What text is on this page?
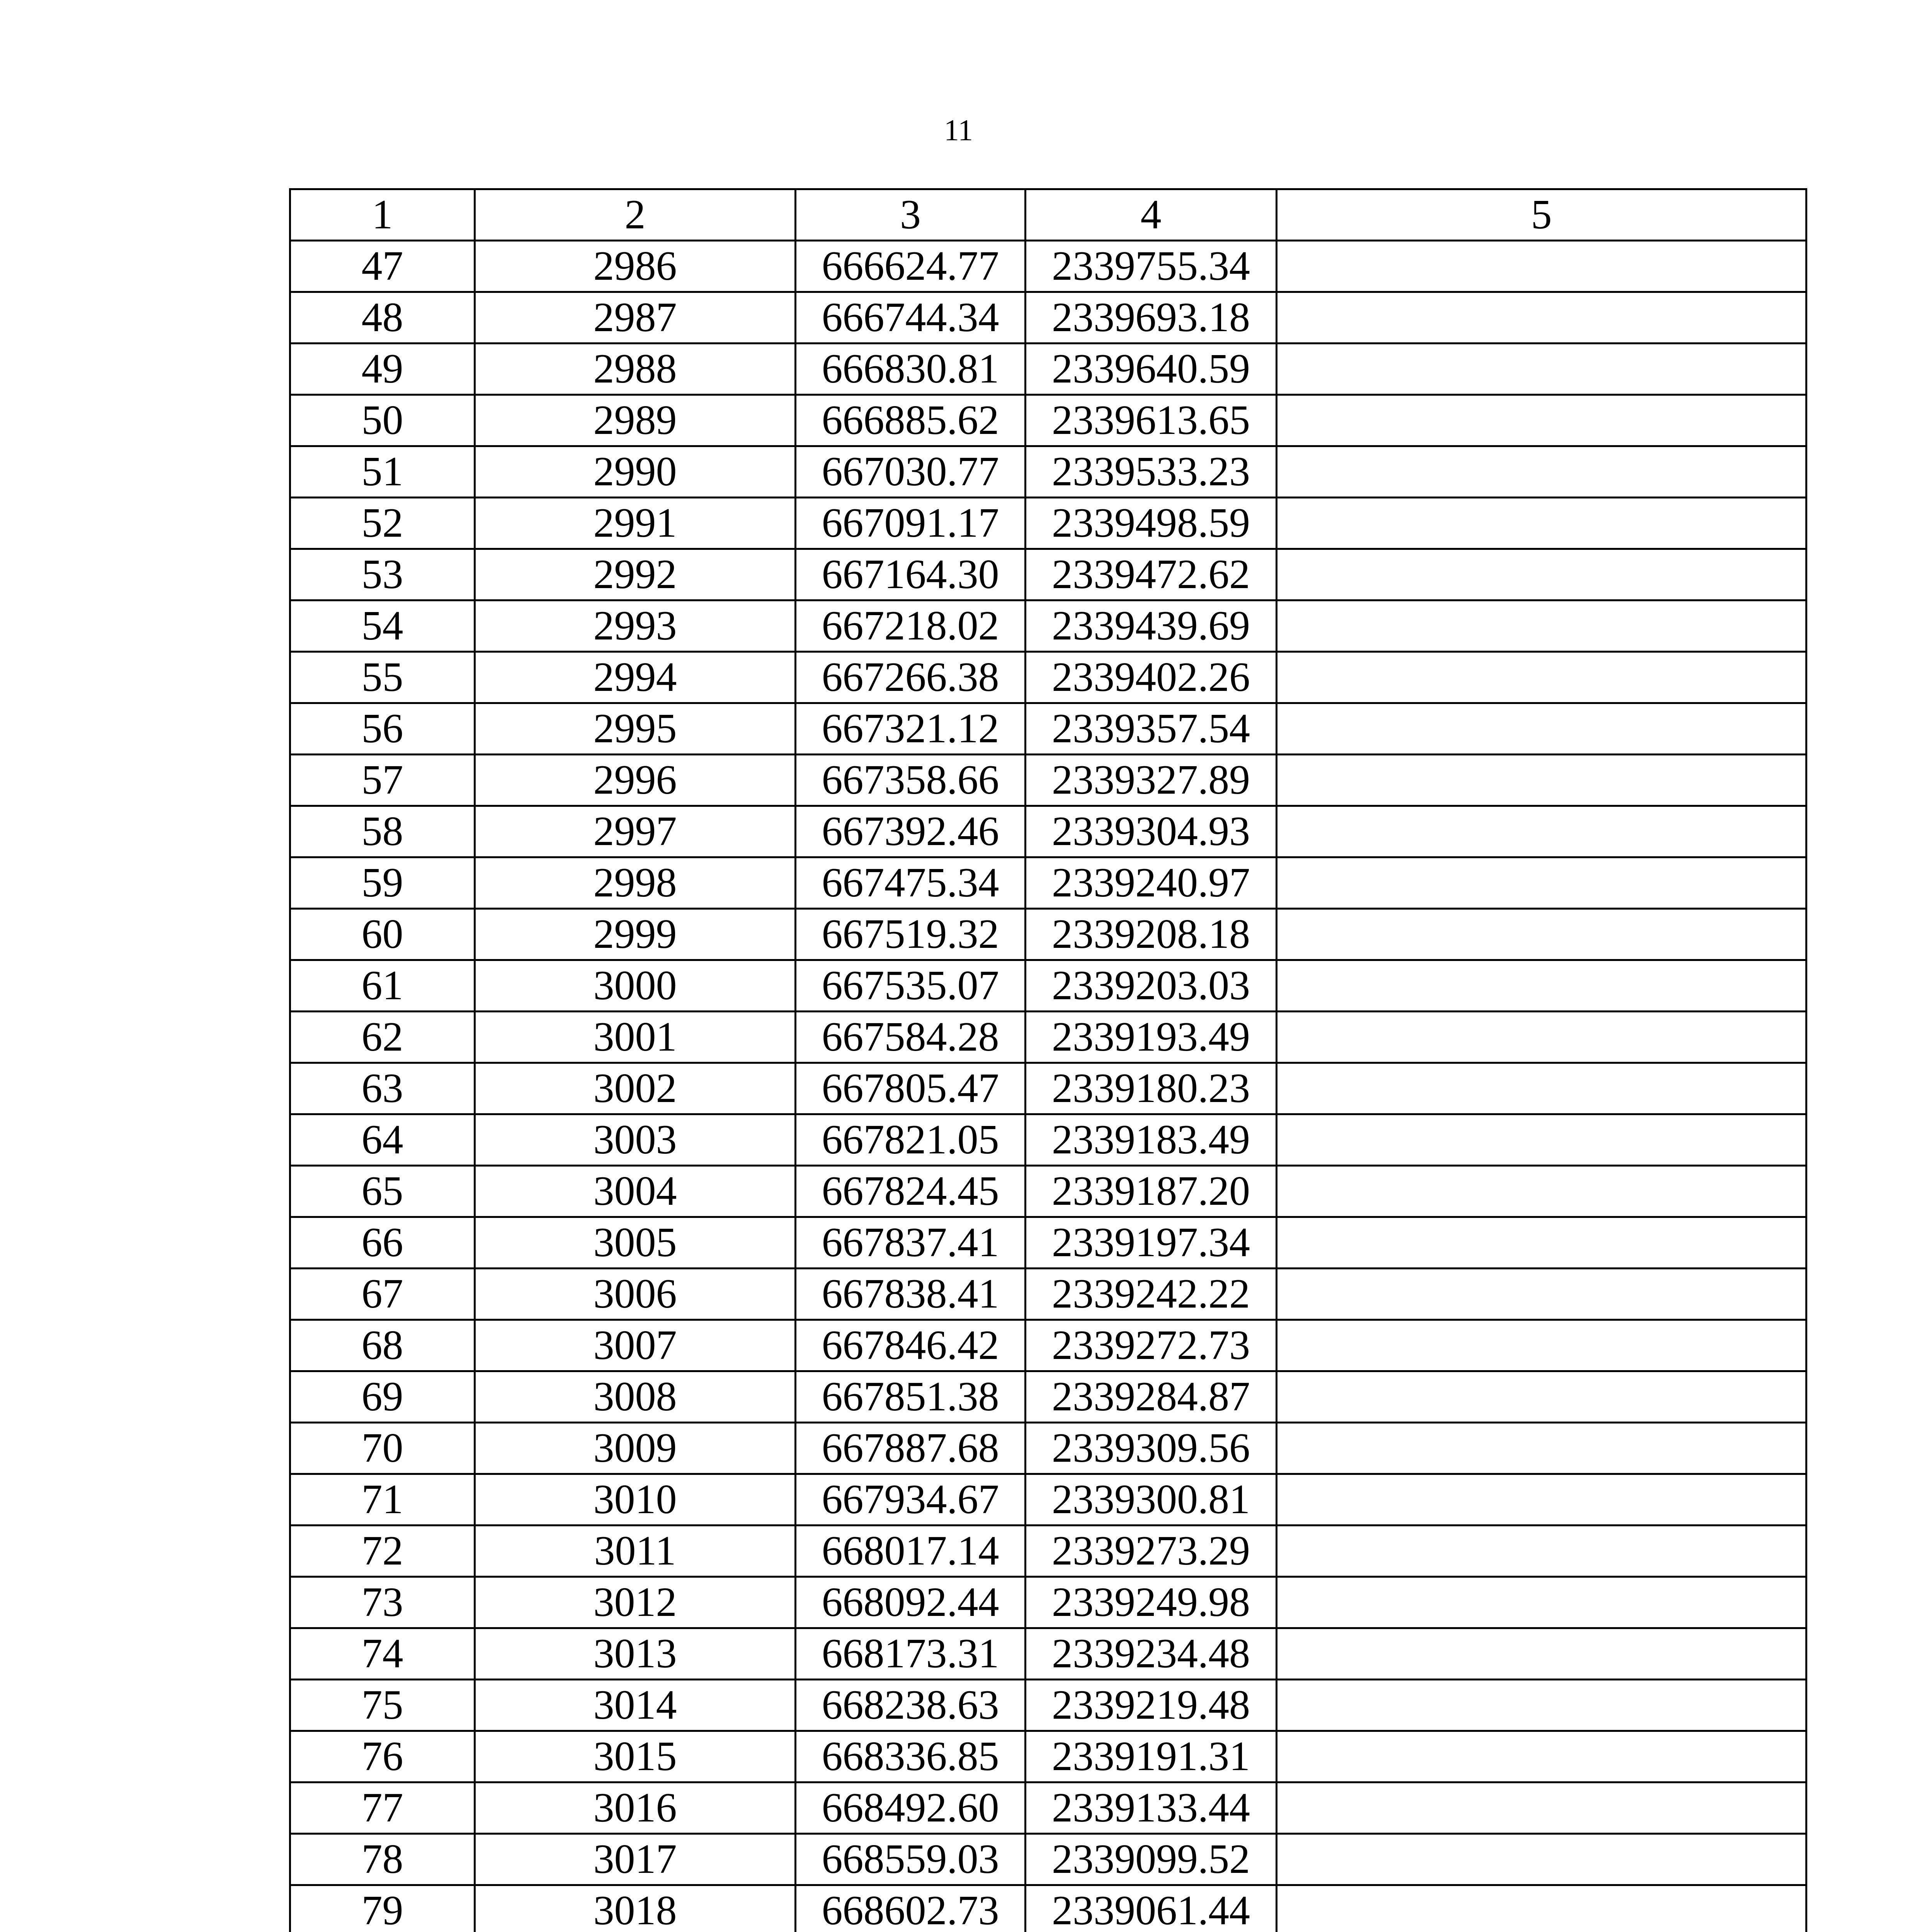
11
1	2	3	4	5
47	2986	666624.77	2339755.34	
48	2987	666744.34	2339693.18	
49	2988	666830.81	2339640.59	
50	2989	666885.62	2339613.65	
51	2990	667030.77	2339533.23	
52	2991	667091.17	2339498.59	
53	2992	667164.30	2339472.62	
54	2993	667218.02	2339439.69	
55	2994	667266.38	2339402.26	
56	2995	667321.12	2339357.54	
57	2996	667358.66	2339327.89	
58	2997	667392.46	2339304.93	
59	2998	667475.34	2339240.97	
60	2999	667519.32	2339208.18	
61	3000	667535.07	2339203.03	
62	3001	667584.28	2339193.49	
63	3002	667805.47	2339180.23	
64	3003	667821.05	2339183.49	
65	3004	667824.45	2339187.20	
66	3005	667837.41	2339197.34	
67	3006	667838.41	2339242.22	
68	3007	667846.42	2339272.73	
69	3008	667851.38	2339284.87	
70	3009	667887.68	2339309.56	
71	3010	667934.67	2339300.81	
72	3011	668017.14	2339273.29	
73	3012	668092.44	2339249.98	
74	3013	668173.31	2339234.48	
75	3014	668238.63	2339219.48	
76	3015	668336.85	2339191.31	
77	3016	668492.60	2339133.44	
78	3017	668559.03	2339099.52	
79	3018	668602.73	2339061.44	
